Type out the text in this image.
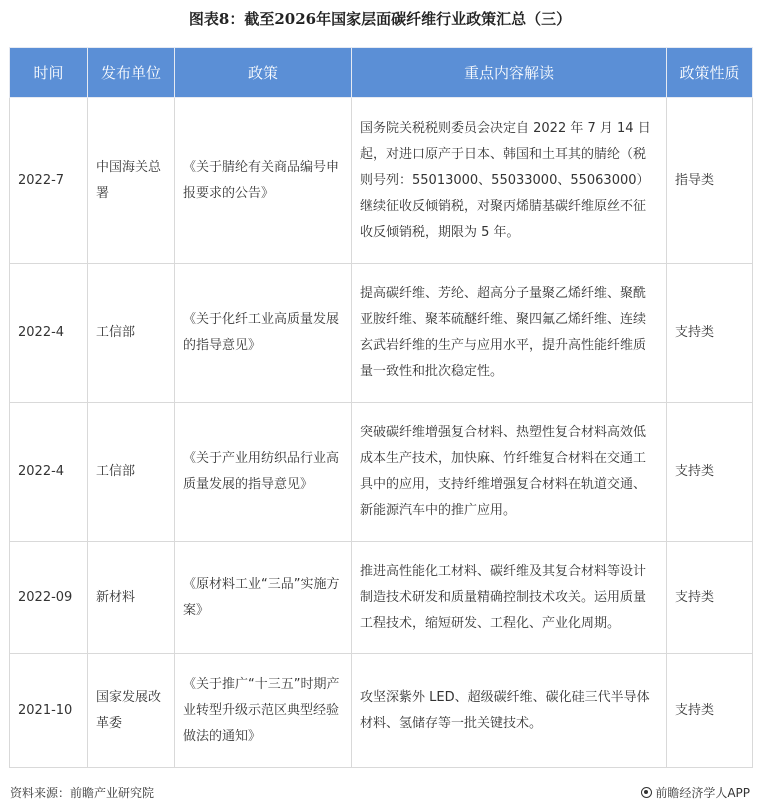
图表8：截至2026年国家层面碳纤维行业政策汇总（三）
时间	发布单位	政策	重点内容解读	政策性质
2022-7	中国海关总署	《关于腈纶有关商品编号申报要求的公告》	国务院关税税则委员会决定自 2022 年 7 月 14 日起，对进口原产于日本、韩国和土耳其的腈纶（税则号列：55013000、55033000、55063000）继续征收反倾销税，对聚丙烯腈基碳纤维原丝不征收反倾销税，期限为 5 年。	指导类
2022-4	工信部	《关于化纤工业高质量发展的指导意见》	提高碳纤维、芳纶、超高分子量聚乙烯纤维、聚酰亚胺纤维、聚苯硫醚纤维、聚四氟乙烯纤维、连续玄武岩纤维的生产与应用水平，提升高性能纤维质量一致性和批次稳定性。	支持类
2022-4	工信部	《关于产业用纺织品行业高质量发展的指导意见》	突破碳纤维增强复合材料、热塑性复合材料高效低成本生产技术，加快麻、竹纤维复合材料在交通工具中的应用，支持纤维增强复合材料在轨道交通、新能源汽车中的推广应用。	支持类
2022-09	新材料	《原材料工业“三品”实施方案》	推进高性能化工材料、碳纤维及其复合材料等设计制造技术研发和质量精确控制技术攻关。运用质量工程技术，缩短研发、工程化、产业化周期。	支持类
2021-10	国家发展改革委	《关于推广“十三五”时期产业转型升级示范区典型经验做法的通知》	攻坚深紫外 LED、超级碳纤维、碳化硅三代半导体材料、氢储存等一批关键技术。	支持类
资料来源：前瞻产业研究院	前瞻经济学人APP
